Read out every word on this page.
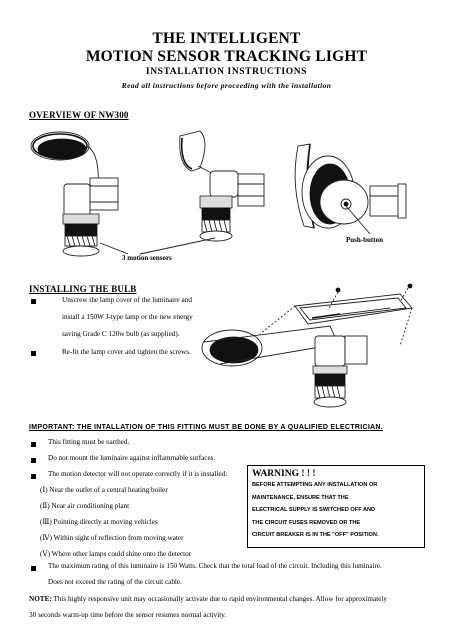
THE INTELLIGENT
MOTION SENSOR TRACKING LIGHT
INSTALLATION INSTRUCTIONS
Read all instructions before proceeding with the installation
OVERVIEW OF NW300
3 motion sensors
Push-button
INSTALLING THE BULB
Unscrew the lamp cover of the luminaire and
install a 150W J-type lamp or the new energy
saving Grade C 120w bulb (as supplied).
Re-fit the lamp cover and tighten the screws.
IMPORTANT: THE INTALLATION OF THIS FITTING MUST BE DONE BY A QUALIFIED ELECTRICIAN.
This fitting must be earthed.
Do not mount the luminaire against inflammable surfaces.
The motion detector will not operate correctly if it is installed:
(Ⅰ) Near the outlet of a central heating boiler
(Ⅱ) Near air conditioning plant
(Ⅲ) Pointing directly at moving vehicles
(Ⅳ) Within sight of reflection from moving water
(Ⅴ) Where other lamps could shine onto the detector
WARNING ! ! !
BEFORE ATTEMPTING ANY INSTALLATION OR
MAINTENANCE, ENSURE THAT THE
ELECTRICAL SUPPLY IS SWITCHED OFF AND
THE CIRCUIT FUSES REMOVED OR THE
CIRCUIT BREAKER IS IN THE "OFF" POSITION.
The maximum rating of this luminaire is 150 Watts. Check that the total load of the circuit. Including this luminaire.
Does not exceed the rating of the circuit cable.
NOTE: This highly responsive unit may occasionally activate due to rapid environmental changes. Allow for approximately
30 seconds warm-up time before the sensor resumes normal activity.
